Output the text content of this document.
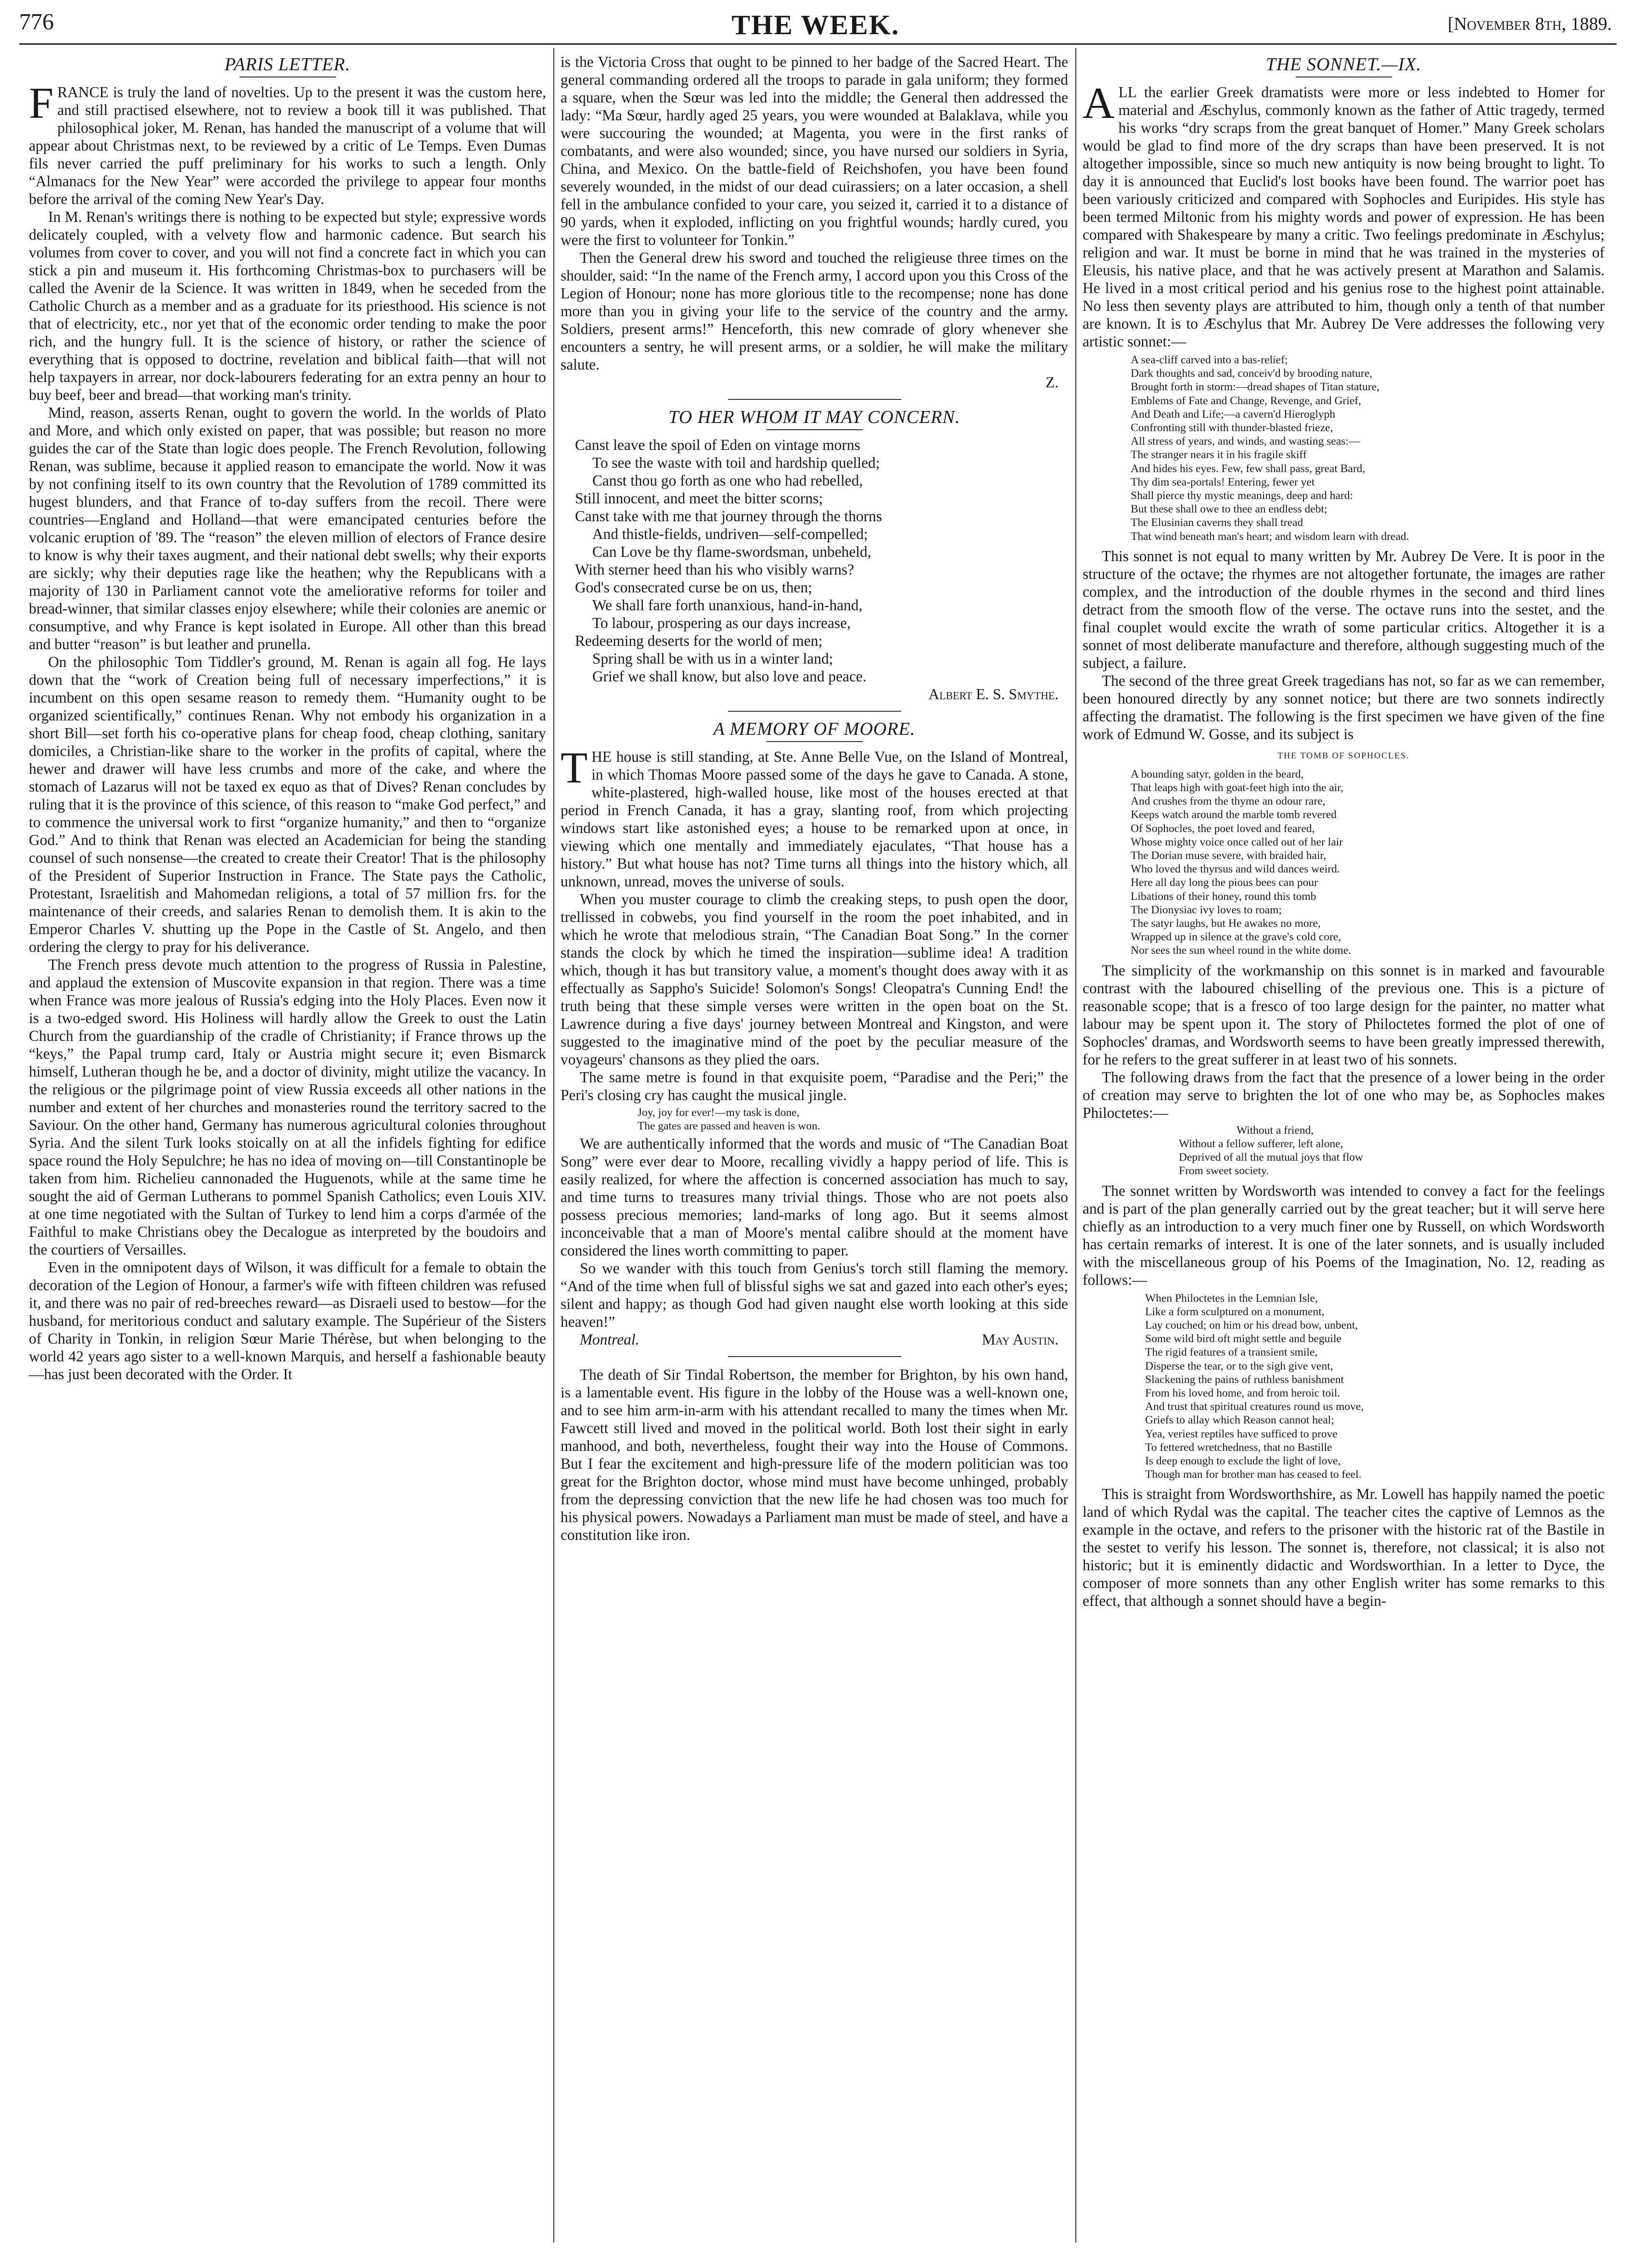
776	THE WEEK.	[November 8th, 1889.
PARIS LETTER.

FRANCE is truly the land of novelties. Up to the present it was the custom here, and still practised elsewhere, not to review a book till it was published. That philosophical joker, M. Renan, has handed the manuscript of a volume that will appear about Christmas next, to be reviewed by a critic of Le Temps. Even Dumas fils never carried the puff preliminary for his works to such a length. Only “Almanacs for the New Year” were accorded the privilege to appear four months before the arrival of the coming New Year's Day.

In M. Renan's writings there is nothing to be expected but style; expressive words delicately coupled, with a velvety flow and harmonic cadence. But search his volumes from cover to cover, and you will not find a concrete fact in which you can stick a pin and museum it. His forthcoming Christmas-box to purchasers will be called the Avenir de la Science. It was written in 1849, when he seceded from the Catholic Church as a member and as a graduate for its priesthood. His science is not that of electricity, etc., nor yet that of the economic order tending to make the poor rich, and the hungry full. It is the science of history, or rather the science of everything that is opposed to doctrine, revelation and biblical faith—that will not help taxpayers in arrear, nor dock-labourers federating for an extra penny an hour to buy beef, beer and bread—that working man's trinity.

Mind, reason, asserts Renan, ought to govern the world. In the worlds of Plato and More, and which only existed on paper, that was possible; but reason no more guides the car of the State than logic does people. The French Revolution, following Renan, was sublime, because it applied reason to emancipate the world. Now it was by not confining itself to its own country that the Revolution of 1789 committed its hugest blunders, and that France of to-day suffers from the recoil. There were countries—England and Holland—that were emancipated centuries before the volcanic eruption of '89. The “reason” the eleven million of electors of France desire to know is why their taxes augment, and their national debt swells; why their exports are sickly; why their deputies rage like the heathen; why the Republicans with a majority of 130 in Parliament cannot vote the ameliorative reforms for toiler and bread-winner, that similar classes enjoy elsewhere; while their colonies are anemic or consumptive, and why France is kept isolated in Europe. All other than this bread and butter “reason” is but leather and prunella.

On the philosophic Tom Tiddler's ground, M. Renan is again all fog. He lays down that the “work of Creation being full of necessary imperfections,” it is incumbent on this open sesame reason to remedy them. “Humanity ought to be organized scientifically,” continues Renan. Why not embody his organization in a short Bill—set forth his co-operative plans for cheap food, cheap clothing, sanitary domiciles, a Christian-like share to the worker in the profits of capital, where the hewer and drawer will have less crumbs and more of the cake, and where the stomach of Lazarus will not be taxed ex equo as that of Dives? Renan concludes by ruling that it is the province of this science, of this reason to “make God perfect,” and to commence the universal work to first “organize humanity,” and then to “organize God.” And to think that Renan was elected an Academician for being the standing counsel of such nonsense—the created to create their Creator! That is the philosophy of the President of Superior Instruction in France. The State pays the Catholic, Protestant, Israelitish and Mahomedan religions, a total of 57 million frs. for the maintenance of their creeds, and salaries Renan to demolish them. It is akin to the Emperor Charles V. shutting up the Pope in the Castle of St. Angelo, and then ordering the clergy to pray for his deliverance.

The French press devote much attention to the progress of Russia in Palestine, and applaud the extension of Muscovite expansion in that region. There was a time when France was more jealous of Russia's edging into the Holy Places. Even now it is a two-edged sword. His Holiness will hardly allow the Greek to oust the Latin Church from the guardianship of the cradle of Christianity; if France throws up the “keys,” the Papal trump card, Italy or Austria might secure it; even Bismarck himself, Lutheran though he be, and a doctor of divinity, might utilize the vacancy. In the religious or the pilgrimage point of view Russia exceeds all other nations in the number and extent of her churches and monasteries round the territory sacred to the Saviour. On the other hand, Germany has numerous agricultural colonies throughout Syria. And the silent Turk looks stoically on at all the infidels fighting for edifice space round the Holy Sepulchre; he has no idea of moving on—till Constantinople be taken from him. Richelieu cannonaded the Huguenots, while at the same time he sought the aid of German Lutherans to pommel Spanish Catholics; even Louis XIV. at one time negotiated with the Sultan of Turkey to lend him a corps d'armée of the Faithful to make Christians obey the Decalogue as interpreted by the boudoirs and the courtiers of Versailles.

Even in the omnipotent days of Wilson, it was difficult for a female to obtain the decoration of the Legion of Honour, a farmer's wife with fifteen children was refused it, and there was no pair of red-breeches reward—as Disraeli used to bestow—for the husband, for meritorious conduct and salutary example. The Supérieur of the Sisters of Charity in Tonkin, in religion Sœur Marie Thérèse, but when belonging to the world 42 years ago sister to a well-known Marquis, and herself a fashionable beauty—has just been decorated with the Order. It

is the Victoria Cross that ought to be pinned to her badge of the Sacred Heart. The general commanding ordered all the troops to parade in gala uniform; they formed a square, when the Sœur was led into the middle; the General then addressed the lady: “Ma Sœur, hardly aged 25 years, you were wounded at Balaklava, while you were succouring the wounded; at Magenta, you were in the first ranks of combatants, and were also wounded; since, you have nursed our soldiers in Syria, China, and Mexico. On the battle-field of Reichshofen, you have been found severely wounded, in the midst of our dead cuirassiers; on a later occasion, a shell fell in the ambulance confided to your care, you seized it, carried it to a distance of 90 yards, when it exploded, inflicting on you frightful wounds; hardly cured, you were the first to volunteer for Tonkin.”

Then the General drew his sword and touched the religieuse three times on the shoulder, said: “In the name of the French army, I accord upon you this Cross of the Legion of Honour; none has more glorious title to the recompense; none has done more than you in giving your life to the service of the country and the army. Soldiers, present arms!” Henceforth, this new comrade of glory whenever she encounters a sentry, he will present arms, or a soldier, he will make the military salute.

Z.
TO HER WHOM IT MAY CONCERN.
Canst leave the spoil of Eden on vintage morns
To see the waste with toil and hardship quelled;
Canst thou go forth as one who had rebelled,
Still innocent, and meet the bitter scorns;
Canst take with me that journey through the thorns
And thistle-fields, undriven—self-compelled;
Can Love be thy flame-swordsman, unbeheld,
With sterner heed than his who visibly warns?
God's consecrated curse be on us, then;
We shall fare forth unanxious, hand-in-hand,
To labour, prospering as our days increase,
Redeeming deserts for the world of men;
Spring shall be with us in a winter land;
Grief we shall know, but also love and peace.
Albert E. S. Smythe.
A MEMORY OF MOORE.

THE house is still standing, at Ste. Anne Belle Vue, on the Island of Montreal, in which Thomas Moore passed some of the days he gave to Canada. A stone, white-plastered, high-walled house, like most of the houses erected at that period in French Canada, it has a gray, slanting roof, from which projecting windows start like astonished eyes; a house to be remarked upon at once, in viewing which one mentally and immediately ejaculates, “That house has a history.” But what house has not? Time turns all things into the history which, all unknown, unread, moves the universe of souls.

When you muster courage to climb the creaking steps, to push open the door, trellissed in cobwebs, you find yourself in the room the poet inhabited, and in which he wrote that melodious strain, “The Canadian Boat Song.” In the corner stands the clock by which he timed the inspiration—sublime idea! A tradition which, though it has but transitory value, a moment's thought does away with it as effectually as Sappho's Suicide! Solomon's Songs! Cleopatra's Cunning End! the truth being that these simple verses were written in the open boat on the St. Lawrence during a five days' journey between Montreal and Kingston, and were suggested to the imaginative mind of the poet by the peculiar measure of the voyageurs' chansons as they plied the oars.

The same metre is found in that exquisite poem, “Paradise and the Peri;” the Peri's closing cry has caught the musical jingle.

Joy, joy for ever!—my task is done,
The gates are passed and heaven is won.

We are authentically informed that the words and music of “The Canadian Boat Song” were ever dear to Moore, recalling vividly a happy period of life. This is easily realized, for where the affection is concerned association has much to say, and time turns to treasures many trivial things. Those who are not poets also possess precious memories; land-marks of long ago. But it seems almost inconceivable that a man of Moore's mental calibre should at the moment have considered the lines worth committing to paper.

So we wander with this touch from Genius's torch still flaming the memory. “And of the time when full of blissful sighs we sat and gazed into each other's eyes; silent and happy; as though God had given naught else worth looking at this side heaven!”

Montreal.	May Austin.

The death of Sir Tindal Robertson, the member for Brighton, by his own hand, is a lamentable event. His figure in the lobby of the House was a well-known one, and to see him arm-in-arm with his attendant recalled to many the times when Mr. Fawcett still lived and moved in the political world. Both lost their sight in early manhood, and both, nevertheless, fought their way into the House of Commons. But I fear the excitement and high-pressure life of the modern politician was too great for the Brighton doctor, whose mind must have become unhinged, probably from the depressing conviction that the new life he had chosen was too much for his physical powers. Nowadays a Parliament man must be made of steel, and have a constitution like iron.

THE SONNET.—IX.

ALL the earlier Greek dramatists were more or less indebted to Homer for material and Æschylus, commonly known as the father of Attic tragedy, termed his works “dry scraps from the great banquet of Homer.” Many Greek scholars would be glad to find more of the dry scraps than have been preserved. It is not altogether impossible, since so much new antiquity is now being brought to light. To day it is announced that Euclid's lost books have been found. The warrior poet has been variously criticized and compared with Sophocles and Euripides. His style has been termed Miltonic from his mighty words and power of expression. He has been compared with Shakespeare by many a critic. Two feelings predominate in Æschylus; religion and war. It must be borne in mind that he was trained in the mysteries of Eleusis, his native place, and that he was actively present at Marathon and Salamis. He lived in a most critical period and his genius rose to the highest point attainable. No less then seventy plays are attributed to him, though only a tenth of that number are known. It is to Æschylus that Mr. Aubrey De Vere addresses the following very artistic sonnet:—

A sea-cliff carved into a bas-relief;
Dark thoughts and sad, conceiv'd by brooding nature,
Brought forth in storm:—dread shapes of Titan stature,
Emblems of Fate and Change, Revenge, and Grief,
And Death and Life;—a cavern'd Hieroglyph
Confronting still with thunder-blasted frieze,
All stress of years, and winds, and wasting seas:—
The stranger nears it in his fragile skiff
And hides his eyes. Few, few shall pass, great Bard,
Thy dim sea-portals! Entering, fewer yet
Shall pierce thy mystic meanings, deep and hard:
But these shall owe to thee an endless debt;
The Elusinian caverns they shall tread
That wind beneath man's heart; and wisdom learn with dread.

This sonnet is not equal to many written by Mr. Aubrey De Vere. It is poor in the structure of the octave; the rhymes are not altogether fortunate, the images are rather complex, and the introduction of the double rhymes in the second and third lines detract from the smooth flow of the verse. The octave runs into the sestet, and the final couplet would excite the wrath of some particular critics. Altogether it is a sonnet of most deliberate manufacture and therefore, although suggesting much of the subject, a failure.

The second of the three great Greek tragedians has not, so far as we can remember, been honoured directly by any sonnet notice; but there are two sonnets indirectly affecting the dramatist. The following is the first specimen we have given of the fine work of Edmund W. Gosse, and its subject is

THE TOMB OF SOPHOCLES.
A bounding satyr, golden in the beard,
That leaps high with goat-feet high into the air,
And crushes from the thyme an odour rare,
Keeps watch around the marble tomb revered
Of Sophocles, the poet loved and feared,
Whose mighty voice once called out of her lair
The Dorian muse severe, with braided hair,
Who loved the thyrsus and wild dances weird.
Here all day long the pious bees can pour
Libations of their honey, round this tomb
The Dionysiac ivy loves to roam;
The satyr laughs, but He awakes no more,
Wrapped up in silence at the grave's cold core,
Nor sees the sun wheel round in the white dome.

The simplicity of the workmanship on this sonnet is in marked and favourable contrast with the laboured chiselling of the previous one. This is a picture of reasonable scope; that is a fresco of too large design for the painter, no matter what labour may be spent upon it. The story of Philoctetes formed the plot of one of Sophocles' dramas, and Wordsworth seems to have been greatly impressed therewith, for he refers to the great sufferer in at least two of his sonnets.

The following draws from the fact that the presence of a lower being in the order of creation may serve to brighten the lot of one who may be, as Sophocles makes Philoctetes:—

Without a friend,
Without a fellow sufferer, left alone,
Deprived of all the mutual joys that flow
From sweet society.

The sonnet written by Wordsworth was intended to convey a fact for the feelings and is part of the plan generally carried out by the great teacher; but it will serve here chiefly as an introduction to a very much finer one by Russell, on which Wordsworth has certain remarks of interest. It is one of the later sonnets, and is usually included with the miscellaneous group of his Poems of the Imagination, No. 12, reading as follows:—

When Philoctetes in the Lemnian Isle,
Like a form sculptured on a monument,
Lay couched; on him or his dread bow, unbent,
Some wild bird oft might settle and beguile
The rigid features of a transient smile,
Disperse the tear, or to the sigh give vent,
Slackening the pains of ruthless banishment
From his loved home, and from heroic toil.
And trust that spiritual creatures round us move,
Griefs to allay which Reason cannot heal;
Yea, veriest reptiles have sufficed to prove
To fettered wretchedness, that no Bastille
Is deep enough to exclude the light of love,
Though man for brother man has ceased to feel.

This is straight from Wordsworthshire, as Mr. Lowell has happily named the poetic land of which Rydal was the capital. The teacher cites the captive of Lemnos as the example in the octave, and refers to the prisoner with the historic rat of the Bastile in the sestet to verify his lesson. The sonnet is, therefore, not classical; it is also not historic; but it is eminently didactic and Wordsworthian. In a letter to Dyce, the composer of more sonnets than any other English writer has some remarks to this effect, that although a sonnet should have a begin-
